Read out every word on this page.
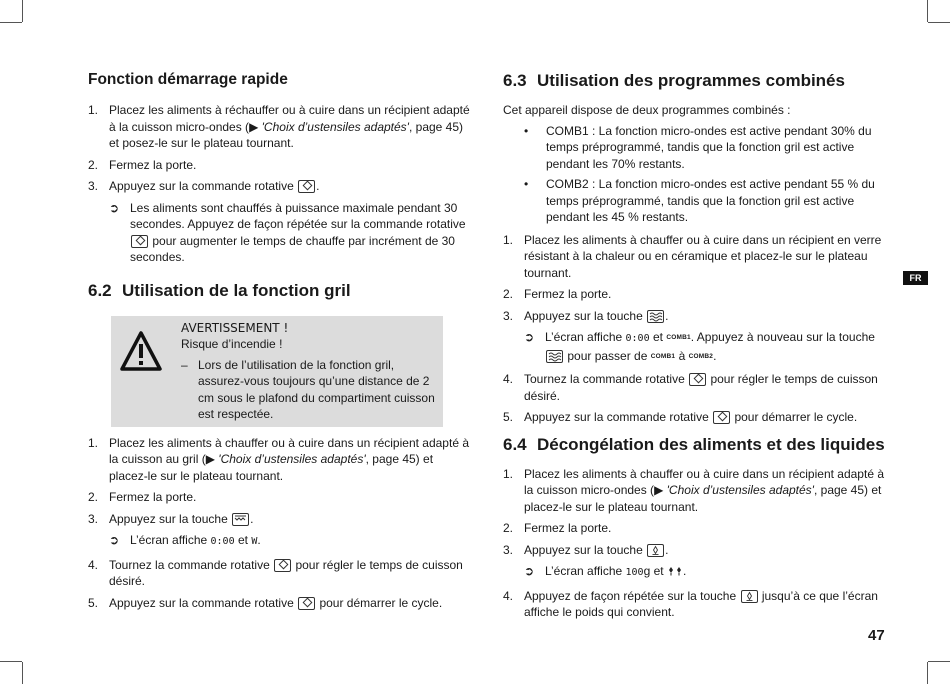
Fonction démarrage rapide
1. Placez les aliments à réchauffer ou à cuire dans un récipient adapté à la cuisson micro-ondes (▶ 'Choix d’ustensiles adaptés', page 45) et posez-le sur le plateau tournant.
2. Fermez la porte.
3. Appuyez sur la commande rotative .
➲ Les aliments sont chauffés à puissance maximale pendant 30 secondes. Appuyez de façon répétée sur la commande rotative  pour augmenter le temps de chauffe par incrément de 30 secondes.
6.2 Utilisation de la fonction gril
AVERTISSEMENT !
Risque d’incendie !
– Lors de l’utilisation de la fonction gril, assurez-vous toujours qu’une distance de 2 cm sous le plafond du compartiment cuisson est respectée.
1. Placez les aliments à chauffer ou à cuire dans un récipient adapté à la cuisson au gril (▶ 'Choix d’ustensiles adaptés', page 45) et placez-le sur le plateau tournant.
2. Fermez la porte.
3. Appuyez sur la touche .
➲ L’écran affiche 0:00 et W.
4. Tournez la commande rotative pour régler le temps de cuisson désiré.
5. Appuyez sur la commande rotative pour démarrer le cycle.
6.3 Utilisation des programmes combinés

Cet appareil dispose de deux programmes combinés :

• COMB1 : La fonction micro-ondes est active pendant 30% du temps préprogrammé, tandis que la fonction gril est active pendant les 70% restants.
• COMB2 : La fonction micro-ondes est active pendant 55 % du temps préprogrammé, tandis que la fonction gril est active pendant les 45 % restants.
1. Placez les aliments à chauffer ou à cuire dans un récipient en verre résistant à la chaleur ou en céramique et placez-le sur le plateau tournant.
2. Fermez la porte.
3. Appuyez sur la touche .
➲ L’écran affiche 0:00 et COMB1. Appuyez à nouveau sur la touche
pour passer de COMB1 à COMB2.
4. Tournez la commande rotative pour régler le temps de cuisson désiré.
5. Appuyez sur la commande rotative pour démarrer le cycle.
6.4 Décongélation des aliments et des liquides
1. Placez les aliments à chauffer ou à cuire dans un récipient adapté à la cuisson micro-ondes (▶ 'Choix d’ustensiles adaptés', page 45) et placez-le sur le plateau tournant.
2. Fermez la porte.
3. Appuyez sur la touche .
➲ L’écran affiche 100g et .
4. Appuyez de façon répétée sur la touche jusqu’à ce que l’écran affiche le poids qui convient.
FR
47
